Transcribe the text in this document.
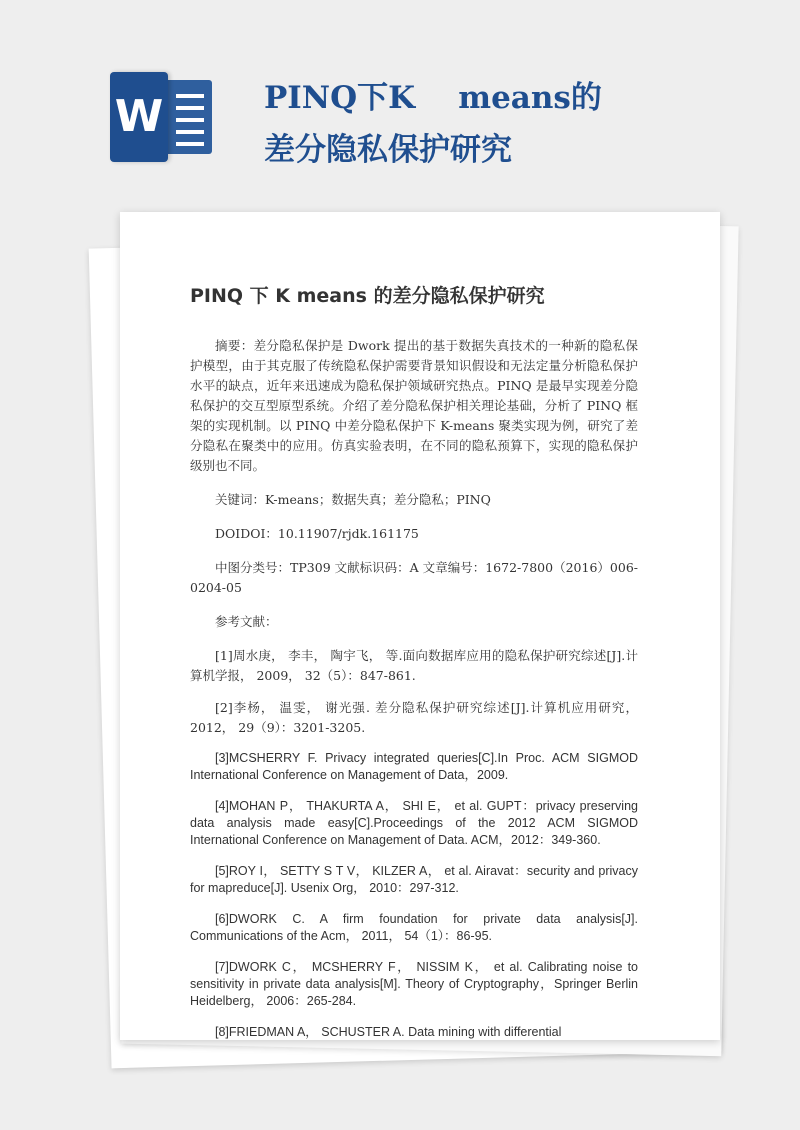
W	PINQ下K    means的
差分隐私保护研究
PINQ 下 K means 的差分隐私保护研究

摘要：差分隐私保护是 Dwork 提出的基于数据失真技术的一种新的隐私保护模型，由于其克服了传统隐私保护需要背景知识假设和无法定量分析隐私保护水平的缺点，近年来迅速成为隐私保护领域研究热点。PINQ 是最早实现差分隐私保护的交互型原型系统。介绍了差分隐私保护相关理论基础，分析了 PINQ 框架的实现机制。以 PINQ 中差分隐私保护下 K-means 聚类实现为例，研究了差分隐私在聚类中的应用。仿真实验表明，在不同的隐私预算下，实现的隐私保护级别也不同。

关键词：K-means；数据失真；差分隐私；PINQ

DOIDOI：10.11907/rjdk.161175

中图分类号：TP309 文献标识码：A 文章编号：1672-7800（2016）006-0204-05

参考文献：

[1]周水庚， 李丰， 陶宇飞， 等.面向数据库应用的隐私保护研究综述[J].计算机学报， 2009， 32（5）：847-861.

[2]李杨， 温雯， 谢光强. 差分隐私保护研究综述[J].计算机应用研究， 2012， 29（9）：3201-3205.

[3]MCSHERRY F. Privacy integrated queries[C].In Proc. ACM SIGMOD International Conference on Management of Data，2009.

[4]MOHAN P， THAKURTA A， SHI E， et al. GUPT：privacy preserving data analysis made easy[C].Proceedings of the 2012 ACM SIGMOD International Conference on Management of Data. ACM，2012：349-360.

[5]ROY I， SETTY S T V， KILZER A， et al. Airavat：security and privacy for mapreduce[J]. Usenix Org， 2010：297-312.

[6]DWORK C. A firm foundation for private data analysis[J]. Communications of the Acm， 2011， 54（1）：86-95.

[7]DWORK C， MCSHERRY F， NISSIM K， et al. Calibrating noise to sensitivity in private data analysis[M]. Theory of Cryptography，Springer Berlin Heidelberg， 2006：265-284.

[8]FRIEDMAN A， SCHUSTER A. Data mining with differential
